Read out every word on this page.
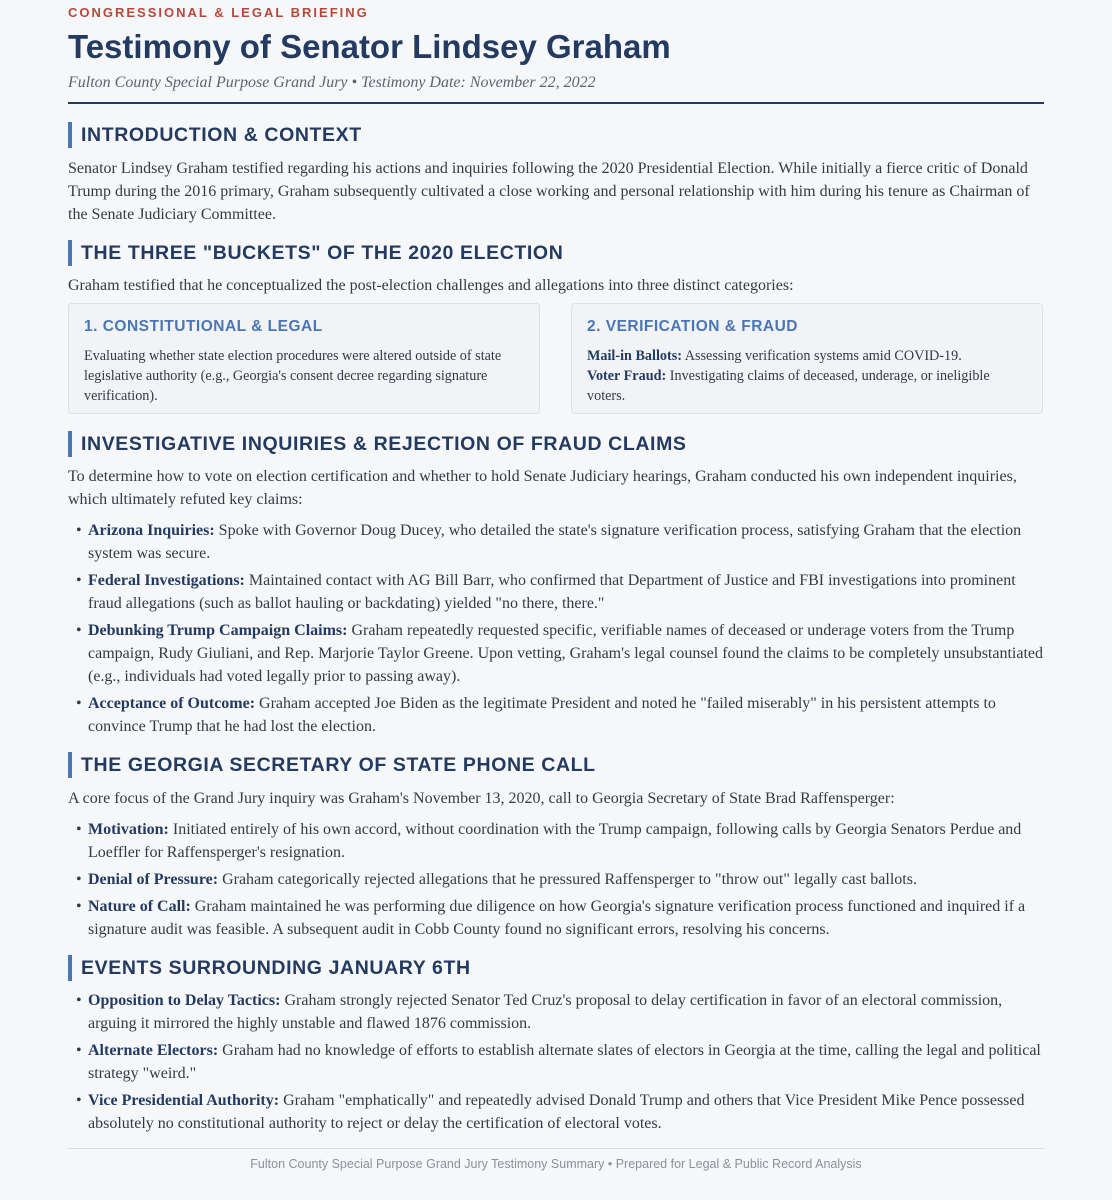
CONGRESSIONAL & LEGAL BRIEFING
Testimony of Senator Lindsey Graham
Fulton County Special Purpose Grand Jury • Testimony Date: November 22, 2022
INTRODUCTION & CONTEXT

Senator Lindsey Graham testified regarding his actions and inquiries following the 2020 Presidential Election. While initially a fierce critic of Donald Trump during the 2016 primary, Graham subsequently cultivated a close working and personal relationship with him during his tenure as Chairman of the Senate Judiciary Committee.

THE THREE "BUCKETS" OF THE 2020 ELECTION

Graham testified that he conceptualized the post-election challenges and allegations into three distinct categories:

1. CONSTITUTIONAL & LEGAL

Evaluating whether state election procedures were altered outside of state legislative authority (e.g., Georgia's consent decree regarding signature verification).

2. VERIFICATION & FRAUD

Mail-in Ballots: Assessing verification systems amid COVID-19.
Voter Fraud: Investigating claims of deceased, underage, or ineligible voters.

INVESTIGATIVE INQUIRIES & REJECTION OF FRAUD CLAIMS

To determine how to vote on election certification and whether to hold Senate Judiciary hearings, Graham conducted his own independent inquiries, which ultimately refuted key claims:

• Arizona Inquiries: Spoke with Governor Doug Ducey, who detailed the state's signature verification process, satisfying Graham that the election system was secure.
• Federal Investigations: Maintained contact with AG Bill Barr, who confirmed that Department of Justice and FBI investigations into prominent fraud allegations (such as ballot hauling or backdating) yielded "no there, there."
• Debunking Trump Campaign Claims: Graham repeatedly requested specific, verifiable names of deceased or underage voters from the Trump campaign, Rudy Giuliani, and Rep. Marjorie Taylor Greene. Upon vetting, Graham's legal counsel found the claims to be completely unsubstantiated (e.g., individuals had voted legally prior to passing away).
• Acceptance of Outcome: Graham accepted Joe Biden as the legitimate President and noted he "failed miserably" in his persistent attempts to convince Trump that he had lost the election.
THE GEORGIA SECRETARY OF STATE PHONE CALL

A core focus of the Grand Jury inquiry was Graham's November 13, 2020, call to Georgia Secretary of State Brad Raffensperger:

• Motivation: Initiated entirely of his own accord, without coordination with the Trump campaign, following calls by Georgia Senators Perdue and Loeffler for Raffensperger's resignation.
• Denial of Pressure: Graham categorically rejected allegations that he pressured Raffensperger to "throw out" legally cast ballots.
• Nature of Call: Graham maintained he was performing due diligence on how Georgia's signature verification process functioned and inquired if a signature audit was feasible. A subsequent audit in Cobb County found no significant errors, resolving his concerns.
EVENTS SURROUNDING JANUARY 6TH
• Opposition to Delay Tactics: Graham strongly rejected Senator Ted Cruz's proposal to delay certification in favor of an electoral commission, arguing it mirrored the highly unstable and flawed 1876 commission.
• Alternate Electors: Graham had no knowledge of efforts to establish alternate slates of electors in Georgia at the time, calling the legal and political strategy "weird."
• Vice Presidential Authority: Graham "emphatically" and repeatedly advised Donald Trump and others that Vice President Mike Pence possessed absolutely no constitutional authority to reject or delay the certification of electoral votes.
Fulton County Special Purpose Grand Jury Testimony Summary • Prepared for Legal & Public Record Analysis
